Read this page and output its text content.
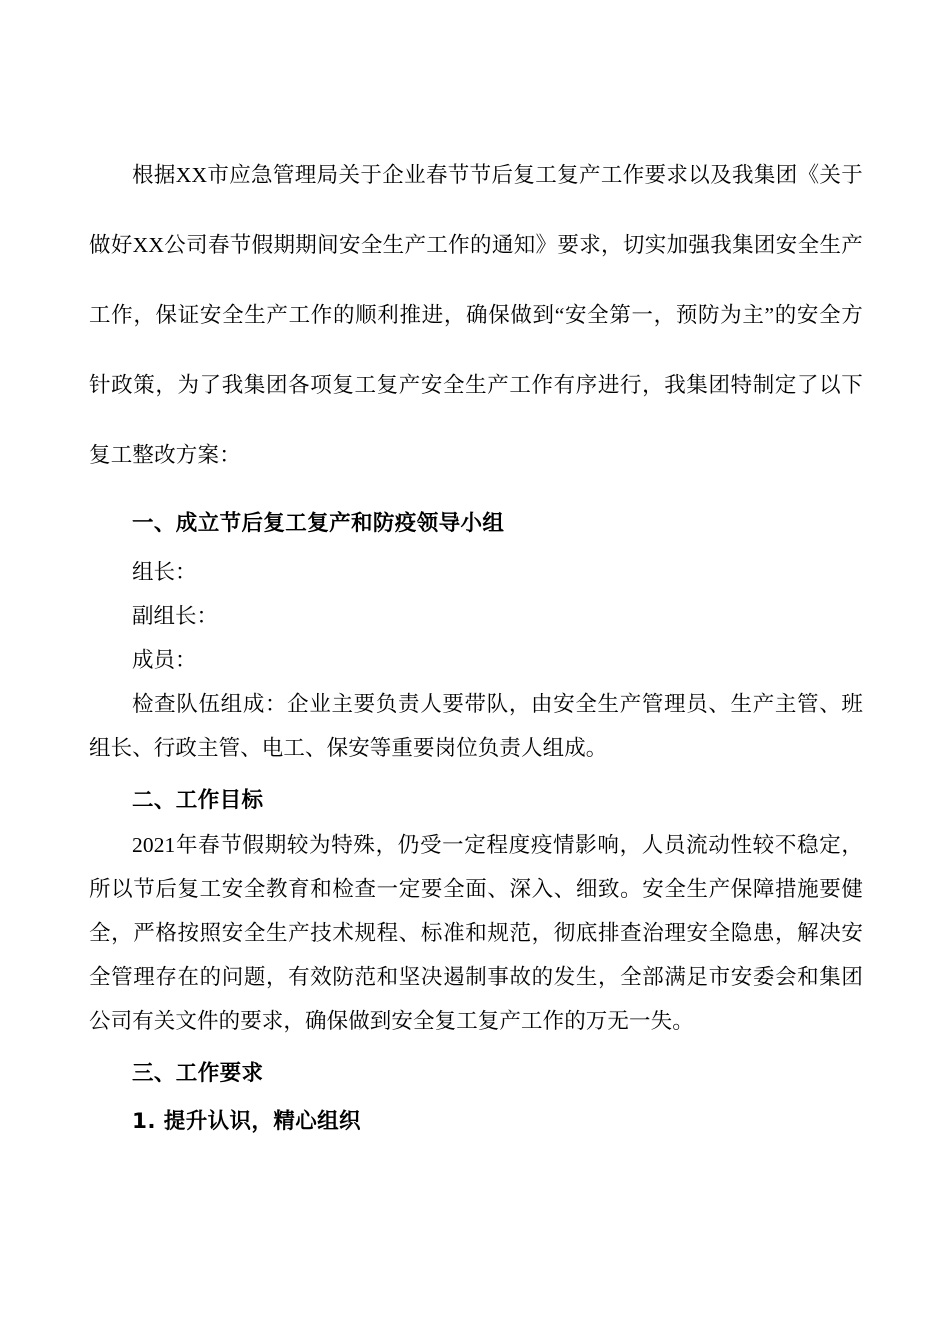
根据XX市应急管理局关于企业春节节后复工复产工作要求以及我集团《关于做好XX公司春节假期期间安全生产工作的通知》要求，切实加强我集团安全生产工作，保证安全生产工作的顺利推进，确保做到“安全第一，预防为主”的安全方针政策，为了我集团各项复工复产安全生产工作有序进行，我集团特制定了以下复工整改方案：

一、成立节后复工复产和防疫领导小组

组长：

副组长：

成员：

检查队伍组成：企业主要负责人要带队，由安全生产管理员、生产主管、班组长、行政主管、电工、保安等重要岗位负责人组成。

二、工作目标

2021年春节假期较为特殊，仍受一定程度疫情影响，人员流动性较不稳定，所以节后复工安全教育和检查一定要全面、深入、细致。安全生产保障措施要健全，严格按照安全生产技术规程、标准和规范，彻底排查治理安全隐患，解决安全管理存在的问题，有效防范和坚决遏制事故的发生，全部满足市安委会和集团公司有关文件的要求，确保做到安全复工复产工作的万无一失。

三、工作要求
1. 提升认识，精心组织
